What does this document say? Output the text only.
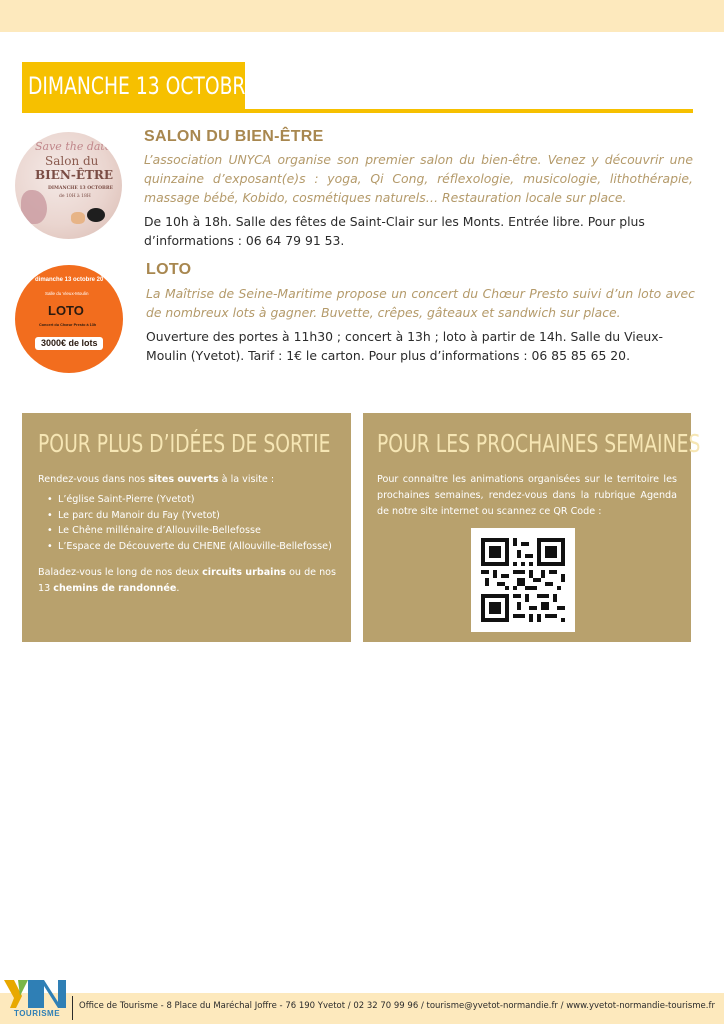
DIMANCHE 13 OCTOBRE
Save the date
Salon du
BIEN-ÊTRE
DIMANCHE 13 OCTOBRE
de 10H à 18H
SALON DU BIEN-ÊTRE
L’association UNYCA organise son premier salon du bien-être. Venez y découvrir une quinzaine d’exposant(e)s : yoga, Qi Cong, réflexologie, musicologie, lithothérapie, massage bébé, Kobido, cosmétiques naturels… Restauration locale sur place.
De 10h à 18h. Salle des fêtes de Saint-Clair sur les Monts. Entrée libre. Pour plus d’informations : 06 64 79 91 53.
dimanche 13 octobre 20
Salle du Vieux-Moulin
LOTO
Concert du Chœur Presto à 13h
3000€ de lots
LOTO
La Maîtrise de Seine-Maritime propose un concert du Chœur Presto suivi d’un loto avec de nombreux lots à gagner. Buvette, crêpes, gâteaux et sandwich sur place.
Ouverture des portes à 11h30 ; concert à 13h ; loto à partir de 14h. Salle du Vieux-Moulin (Yvetot). Tarif : 1€ le carton. Pour plus d’informations : 06 85 85 65 20.
POUR PLUS D’IDÉES DE SORTIE
Rendez-vous dans nos sites ouverts à la visite :
• L’église Saint-Pierre (Yvetot)
• Le parc du Manoir du Fay (Yvetot)
• Le Chêne millénaire d’Allouville-Bellefosse
• L’Espace de Découverte du CHENE (Allouville-Bellefosse)
Baladez-vous le long de nos deux circuits urbains ou de nos 13 chemins de randonnée.
POUR LES PROCHAINES SEMAINES
Pour connaitre les animations organisées sur le territoire les prochaines semaines, rendez-vous dans la rubrique Agenda de notre site internet ou scannez ce QR Code :
TOURISME
Office de Tourisme - 8 Place du Maréchal Joffre - 76 190 Yvetot / 02 32 70 99 96 / tourisme@yvetot-normandie.fr / www.yvetot-normandie-tourisme.fr
